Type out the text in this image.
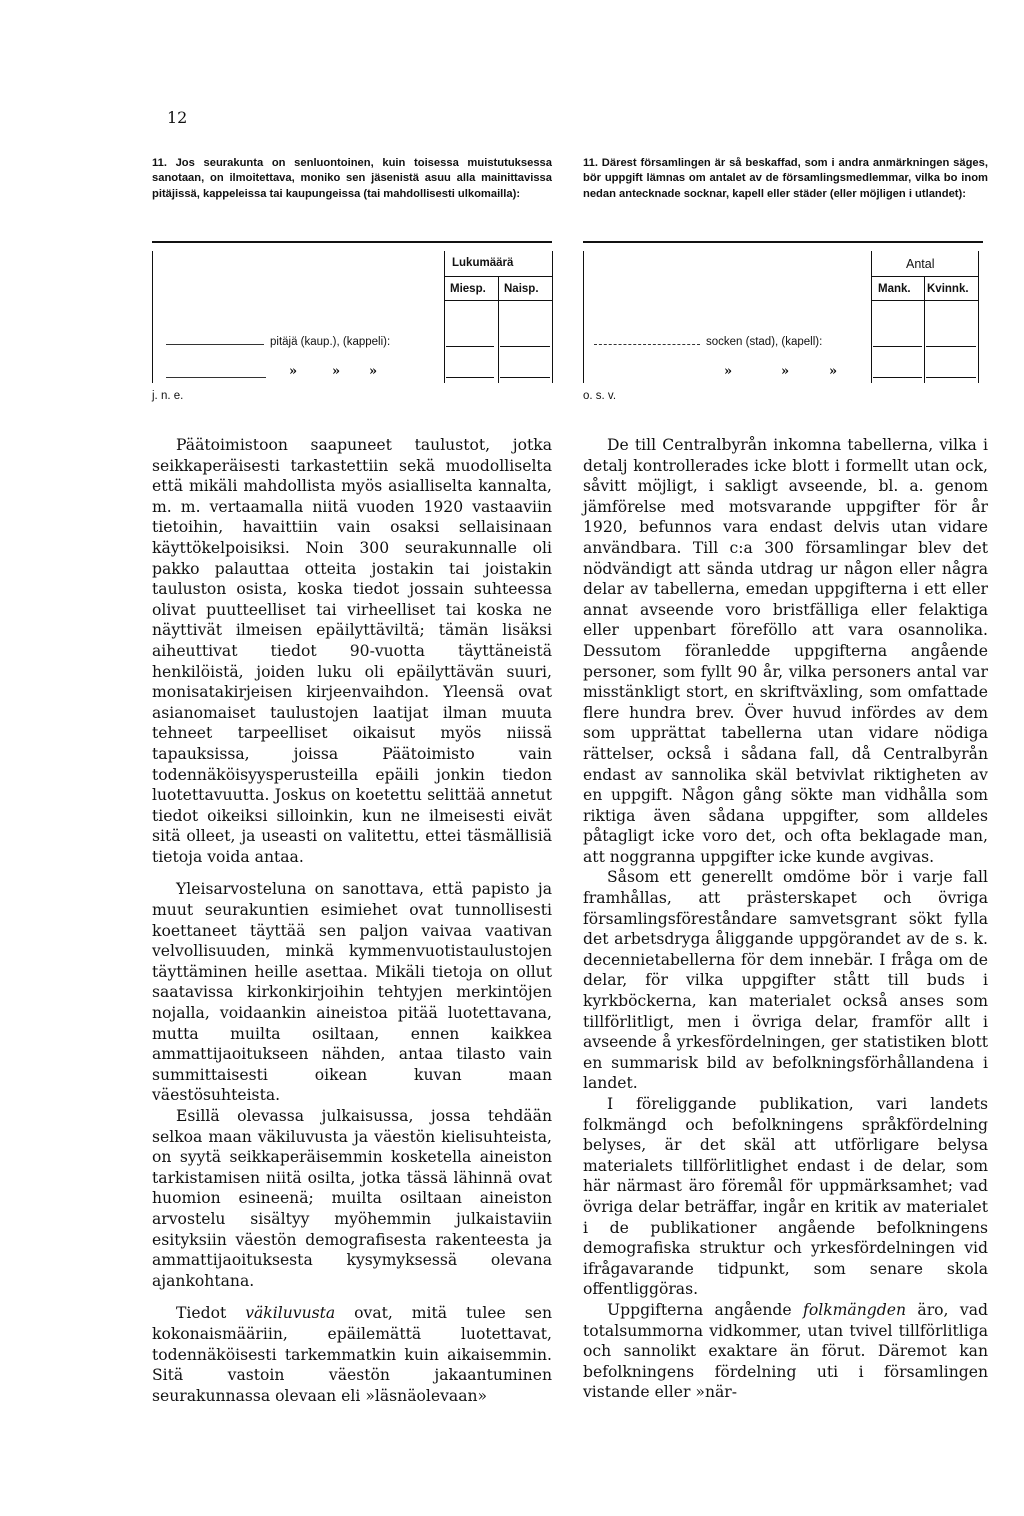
12

11. Jos seurakunta on senluontoinen, kuin toisessa muistutuksessa sanotaan, on ilmoitettava, moniko sen jäsenistä asuu alla mainittavissa pitäjissä, kappeleissa tai kaupungeissa (tai mahdollisesti ulkomailla):

Lukumäärä
Miesp. Naisp.
pitäjä (kaup.), (kappeli):
»	» »
j. n. e.

Päätoimistoon saapuneet taulustot, jotka seikkaperäisesti tarkastettiin sekä muodolliselta että mikäli mahdollista myös asialliselta kannalta, m. m. vertaamalla niitä vuoden 1920 vastaaviin tietoihin, havaittiin vain osaksi sellaisinaan käyttökelpoisiksi. Noin 300 seurakunnalle oli pakko palauttaa otteita jostakin tai joistakin tauluston osista, koska tiedot jossain suhteessa olivat puutteelliset tai virheelliset tai koska ne näyttivät ilmeisen epäilyttäviltä; tämän lisäksi aiheuttivat tiedot 90-vuotta täyttäneistä henkilöistä, joiden luku oli epäilyttävän suuri, monisatakirjeisen kirjeenvaihdon. Yleensä ovat asianomaiset taulustojen laatijat ilman muuta tehneet tarpeelliset oikaisut myös niissä tapauksissa, joissa Päätoimisto vain todennäköisyysperusteilla epäili jonkin tiedon luotettavuutta. Joskus on koetettu selittää annetut tiedot oikeiksi silloinkin, kun ne ilmeisesti eivät sitä olleet, ja useasti on valitettu, ettei täsmällisiä tietoja voida antaa.

Yleisarvosteluna on sanottava, että papisto ja muut seurakuntien esimiehet ovat tunnollisesti koettaneet täyttää sen paljon vaivaa vaativan velvollisuuden, minkä kymmenvuotistaulustojen täyttäminen heille asettaa. Mikäli tietoja on ollut saatavissa kirkonkirjoihin tehtyjen merkintöjen nojalla, voidaankin aineistoa pitää luotettavana, mutta muilta osiltaan, ennen kaikkea ammattijaoitukseen nähden, antaa tilasto vain summittaisesti oikean kuvan maan väestösuhteista.

Esillä olevassa julkaisussa, jossa tehdään selkoa maan väkiluvusta ja väestön kielisuhteista, on syytä seikkaperäisemmin kosketella aineiston tarkistamisen niitä osilta, jotka tässä lähinnä ovat huomion esineenä; muilta osiltaan aineiston arvostelu sisältyy myöhemmin julkaistaviin esityksiin väestön demografisesta rakenteesta ja ammattijaoituksesta kysymyksessä olevana ajankohtana.

Tiedot väkiluvusta ovat, mitä tulee sen kokonaismääriin, epäilemättä luotettavat, todennäköisesti tarkemmatkin kuin aikaisemmin. Sitä vastoin väestön jakaantuminen seurakunnassa olevaan eli »läsnäolevaan»

11. Därest församlingen är så beskaffad, som i andra anmärkningen säges, bör uppgift lämnas om antalet av de församlingsmedlemmar, vilka bo inom nedan antecknade socknar, kapell eller städer (eller möjligen i utlandet):

Antal
Mank. Kvinnk.
socken (stad), (kapell):
»	»	»
o. s. v.

De till Centralbyrån inkomna tabellerna, vilka i detalj kontrollerades icke blott i formellt utan ock, såvitt möjligt, i sakligt avseende, bl. a. genom jämförelse med motsvarande uppgifter för år 1920, befunnos vara endast delvis utan vidare användbara. Till c:a 300 församlingar blev det nödvändigt att sända utdrag ur någon eller några delar av tabellerna, emedan uppgifterna i ett eller annat avseende voro bristfälliga eller felaktiga eller uppenbart föreföllo att vara osannolika. Dessutom föranledde uppgifterna angående personer, som fyllt 90 år, vilka personers antal var misstänkligt stort, en skriftväxling, som omfattade flere hundra brev. Över huvud infördes av dem som upprättat tabellerna utan vidare nödiga rättelser, också i sådana fall, då Centralbyrån endast av sannolika skäl betvivlat riktigheten av en uppgift. Någon gång sökte man vidhålla som riktiga även sådana uppgifter, som alldeles påtagligt icke voro det, och ofta beklagade man, att noggranna uppgifter icke kunde avgivas.

Såsom ett generellt omdöme bör i varje fall framhållas, att prästerskapet och övriga församlingsföreståndare samvetsgrant sökt fylla det arbetsdryga åliggande uppgörandet av de s. k. decennietabellerna för dem innebär. I fråga om de delar, för vilka uppgifter stått till buds i kyrkböckerna, kan materialet också anses som tillförlitligt, men i övriga delar, framför allt i avseende å yrkesfördelningen, ger statistiken blott en summarisk bild av befolkningsförhållandena i landet.

I föreliggande publikation, vari landets folkmängd och befolkningens språkfördelning belyses, är det skäl att utförligare belysa materialets tillförlitlighet endast i de delar, som här närmast äro föremål för uppmärksamhet; vad övriga delar beträffar, ingår en kritik av materialet i de publikationer angående befolkningens demografiska struktur och yrkesfördelningen vid ifrågavarande tidpunkt, som senare skola offentliggöras.

Uppgifterna angående folkmängden äro, vad totalsummorna vidkommer, utan tvivel tillförlitliga och sannolikt exaktare än förut. Däremot kan befolkningens fördelning uti i församlingen vistande eller »när-
